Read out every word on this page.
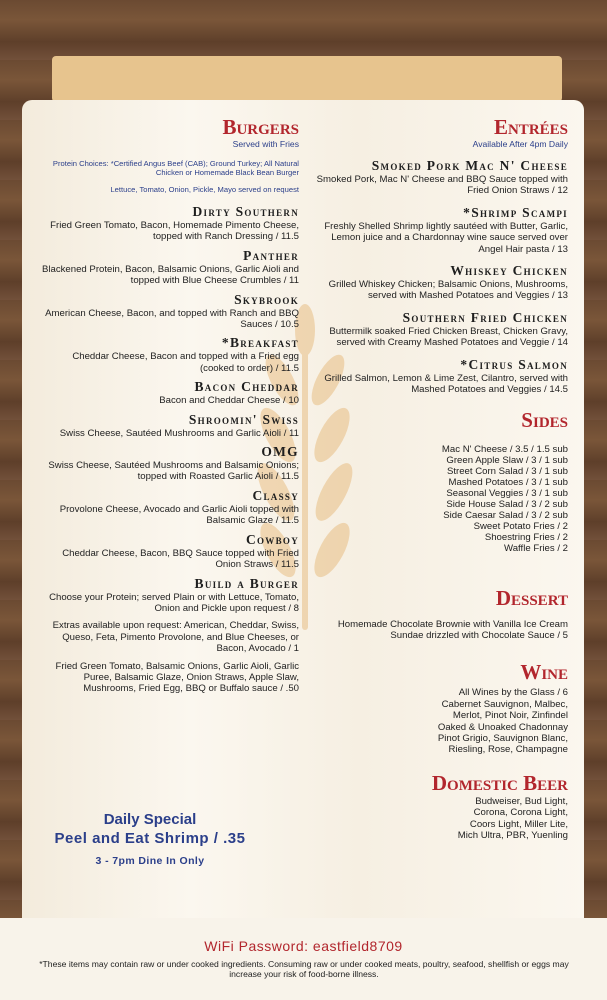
Burgers
Served with Fries
Protein Choices: *Certified Angus Beef (CAB); Ground Turkey; All Natural Chicken or Homemade Black Bean Burger
Lettuce, Tomato, Onion, Pickle, Mayo served on request
Dirty Southern
Fried Green Tomato, Bacon, Homemade Pimento Cheese, topped with Ranch Dressing / 11.5
Panther
Blackened Protein, Bacon, Balsamic Onions, Garlic Aioli and topped with Blue Cheese Crumbles / 11
Skybrook
American Cheese, Bacon, and topped with Ranch and BBQ Sauces / 10.5
*Breakfast
Cheddar Cheese, Bacon and topped with a Fried egg (cooked to order) / 11.5
Bacon Cheddar
Bacon and Cheddar Cheese / 10
Shroomin' Swiss
Swiss Cheese, Sautéed Mushrooms and Garlic Aioli / 11
OMG
Swiss Cheese, Sautéed Mushrooms and Balsamic Onions; topped with Roasted Garlic Aioli / 11.5
Classy
Provolone Cheese, Avocado and Garlic Aioli topped with Balsamic Glaze / 11.5
Cowboy
Cheddar Cheese, Bacon, BBQ Sauce topped with Fried Onion Straws / 11.5
Build a Burger
Choose your Protein; served Plain or with Lettuce, Tomato, Onion and Pickle upon request / 8
Extras available upon request: American, Cheddar, Swiss, Queso, Feta, Pimento Provolone, and Blue Cheeses, or Bacon, Avocado / 1
Fried Green Tomato, Balsamic Onions, Garlic Aioli, Garlic Puree, Balsamic Glaze, Onion Straws, Apple Slaw, Mushrooms, Fried Egg, BBQ or Buffalo sauce / .50
Daily Special
Peel and Eat Shrimp / .35
3 - 7pm Dine In Only
Entrées
Available After 4pm Daily
Smoked Pork Mac N' Cheese
Smoked Pork, Mac N' Cheese and BBQ Sauce topped with Fried Onion Straws / 12
*Shrimp Scampi
Freshly Shelled Shrimp lightly sautéed with Butter, Garlic, Lemon juice and a Chardonnay wine sauce served over Angel Hair pasta / 13
Whiskey Chicken
Grilled Whiskey Chicken; Balsamic Onions, Mushrooms, served with Mashed Potatoes and Veggies / 13
Southern Fried Chicken
Buttermilk soaked Fried Chicken Breast, Chicken Gravy, served with Creamy Mashed Potatoes and Veggie / 14
*Citrus Salmon
Grilled Salmon, Lemon & Lime Zest, Cilantro, served with Mashed Potatoes and Veggies / 14.5
Sides
Mac N' Cheese / 3.5 / 1.5 sub
Green Apple Slaw / 3 / 1 sub
Street Corn Salad / 3 / 1 sub
Mashed Potatoes / 3 / 1 sub
Seasonal Veggies / 3 / 1 sub
Side House Salad / 3 / 2 sub
Side Caesar Salad / 3 / 2 sub
Sweet Potato Fries / 2
Shoestring Fries / 2
Waffle Fries / 2
Dessert
Homemade Chocolate Brownie with Vanilla Ice Cream Sundae drizzled with Chocolate Sauce / 5
Wine
All Wines by the Glass / 6
Cabernet Sauvignon, Malbec,
Merlot, Pinot Noir, Zinfindel
Oaked & Unoaked Chadonnay
Pinot Grigio, Sauvignon Blanc,
Riesling, Rose, Champagne
Domestic Beer
Budweiser, Bud Light,
Corona, Corona Light,
Coors Light, Miller Lite,
Mich Ultra, PBR, Yuenling
WiFi Password: eastfield8709
*These items may contain raw or under cooked ingredients. Consuming raw or under cooked meats, poultry, seafood, shellfish or eggs may increase your risk of food-borne illness.
